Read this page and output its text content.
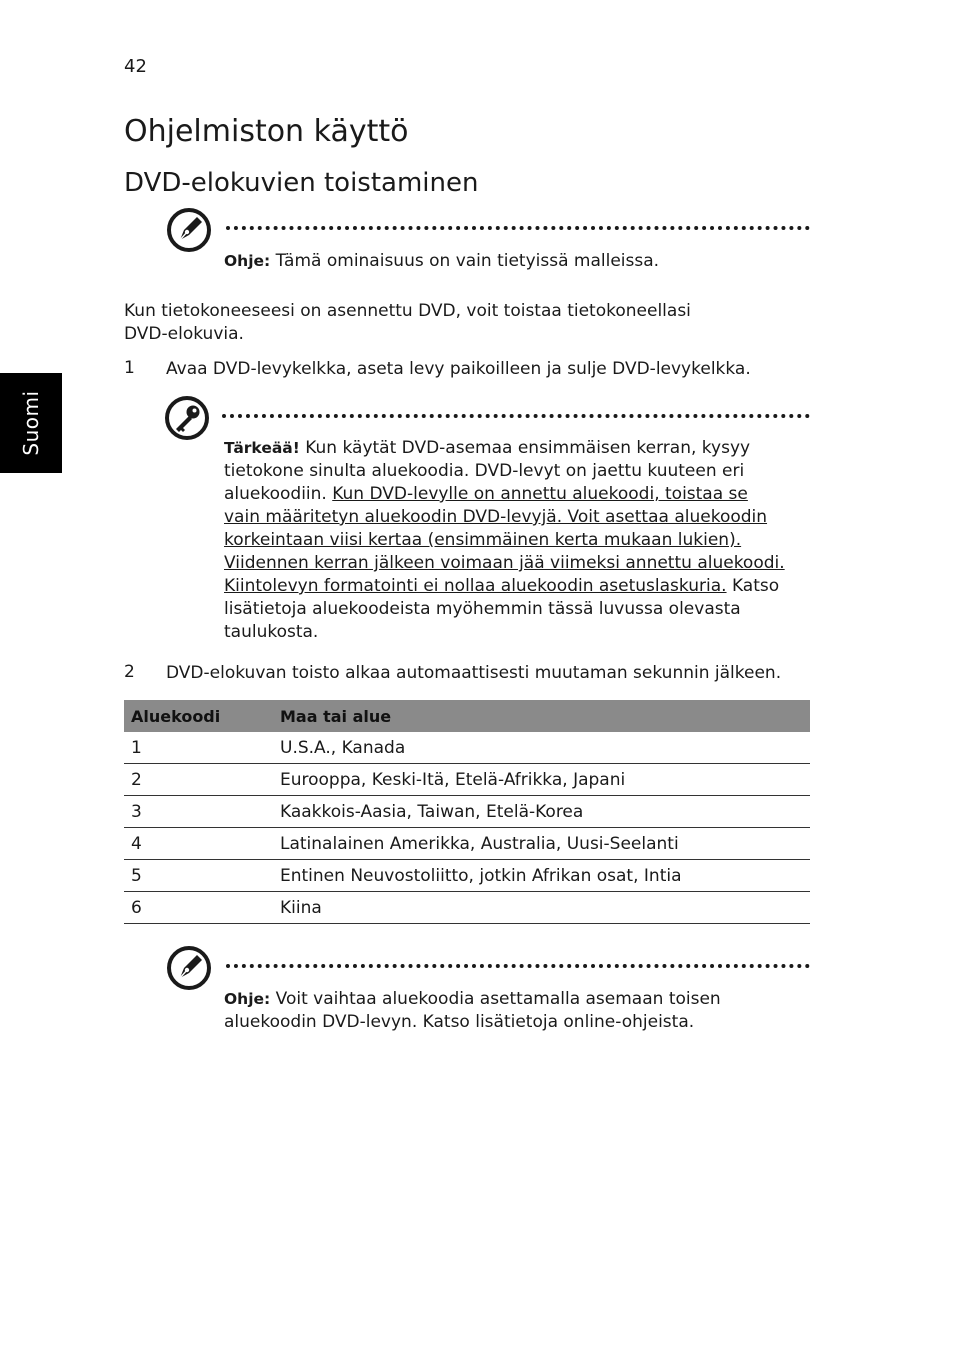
42
Ohjelmiston käyttö
DVD-elokuvien toistaminen
Suomi
Ohje: Tämä ominaisuus on vain tietyissä malleissa.
Kun tietokoneeseesi on asennettu DVD, voit toistaa tietokoneellasi
DVD-elokuvia.
1 Avaa DVD-levykelkka, aseta levy paikoilleen ja sulje DVD-levykelkka.
Tärkeää! Kun käytät DVD-asemaa ensimmäisen kerran, kysyy
tietokone sinulta aluekoodia. DVD-levyt on jaettu kuuteen eri
aluekoodiin. Kun DVD-levylle on annettu aluekoodi, toistaa se
vain määritetyn aluekoodin DVD-levyjä. Voit asettaa aluekoodin
korkeintaan viisi kertaa (ensimmäinen kerta mukaan lukien).
Viidennen kerran jälkeen voimaan jää viimeksi annettu aluekoodi.
Kiintolevyn formatointi ei nollaa aluekoodin asetuslaskuria. Katso
lisätietoja aluekoodeista myöhemmin tässä luvussa olevasta
taulukosta.
2 DVD-elokuvan toisto alkaa automaattisesti muutaman sekunnin jälkeen.
Aluekoodi	Maa tai alue
1	U.S.A., Kanada
2	Eurooppa, Keski-Itä, Etelä-Afrikka, Japani
3	Kaakkois-Aasia, Taiwan, Etelä-Korea
4	Latinalainen Amerikka, Australia, Uusi-Seelanti
5	Entinen Neuvostoliitto, jotkin Afrikan osat, Intia
6	Kiina
Ohje: Voit vaihtaa aluekoodia asettamalla asemaan toisen
aluekoodin DVD-levyn. Katso lisätietoja online-ohjeista.
